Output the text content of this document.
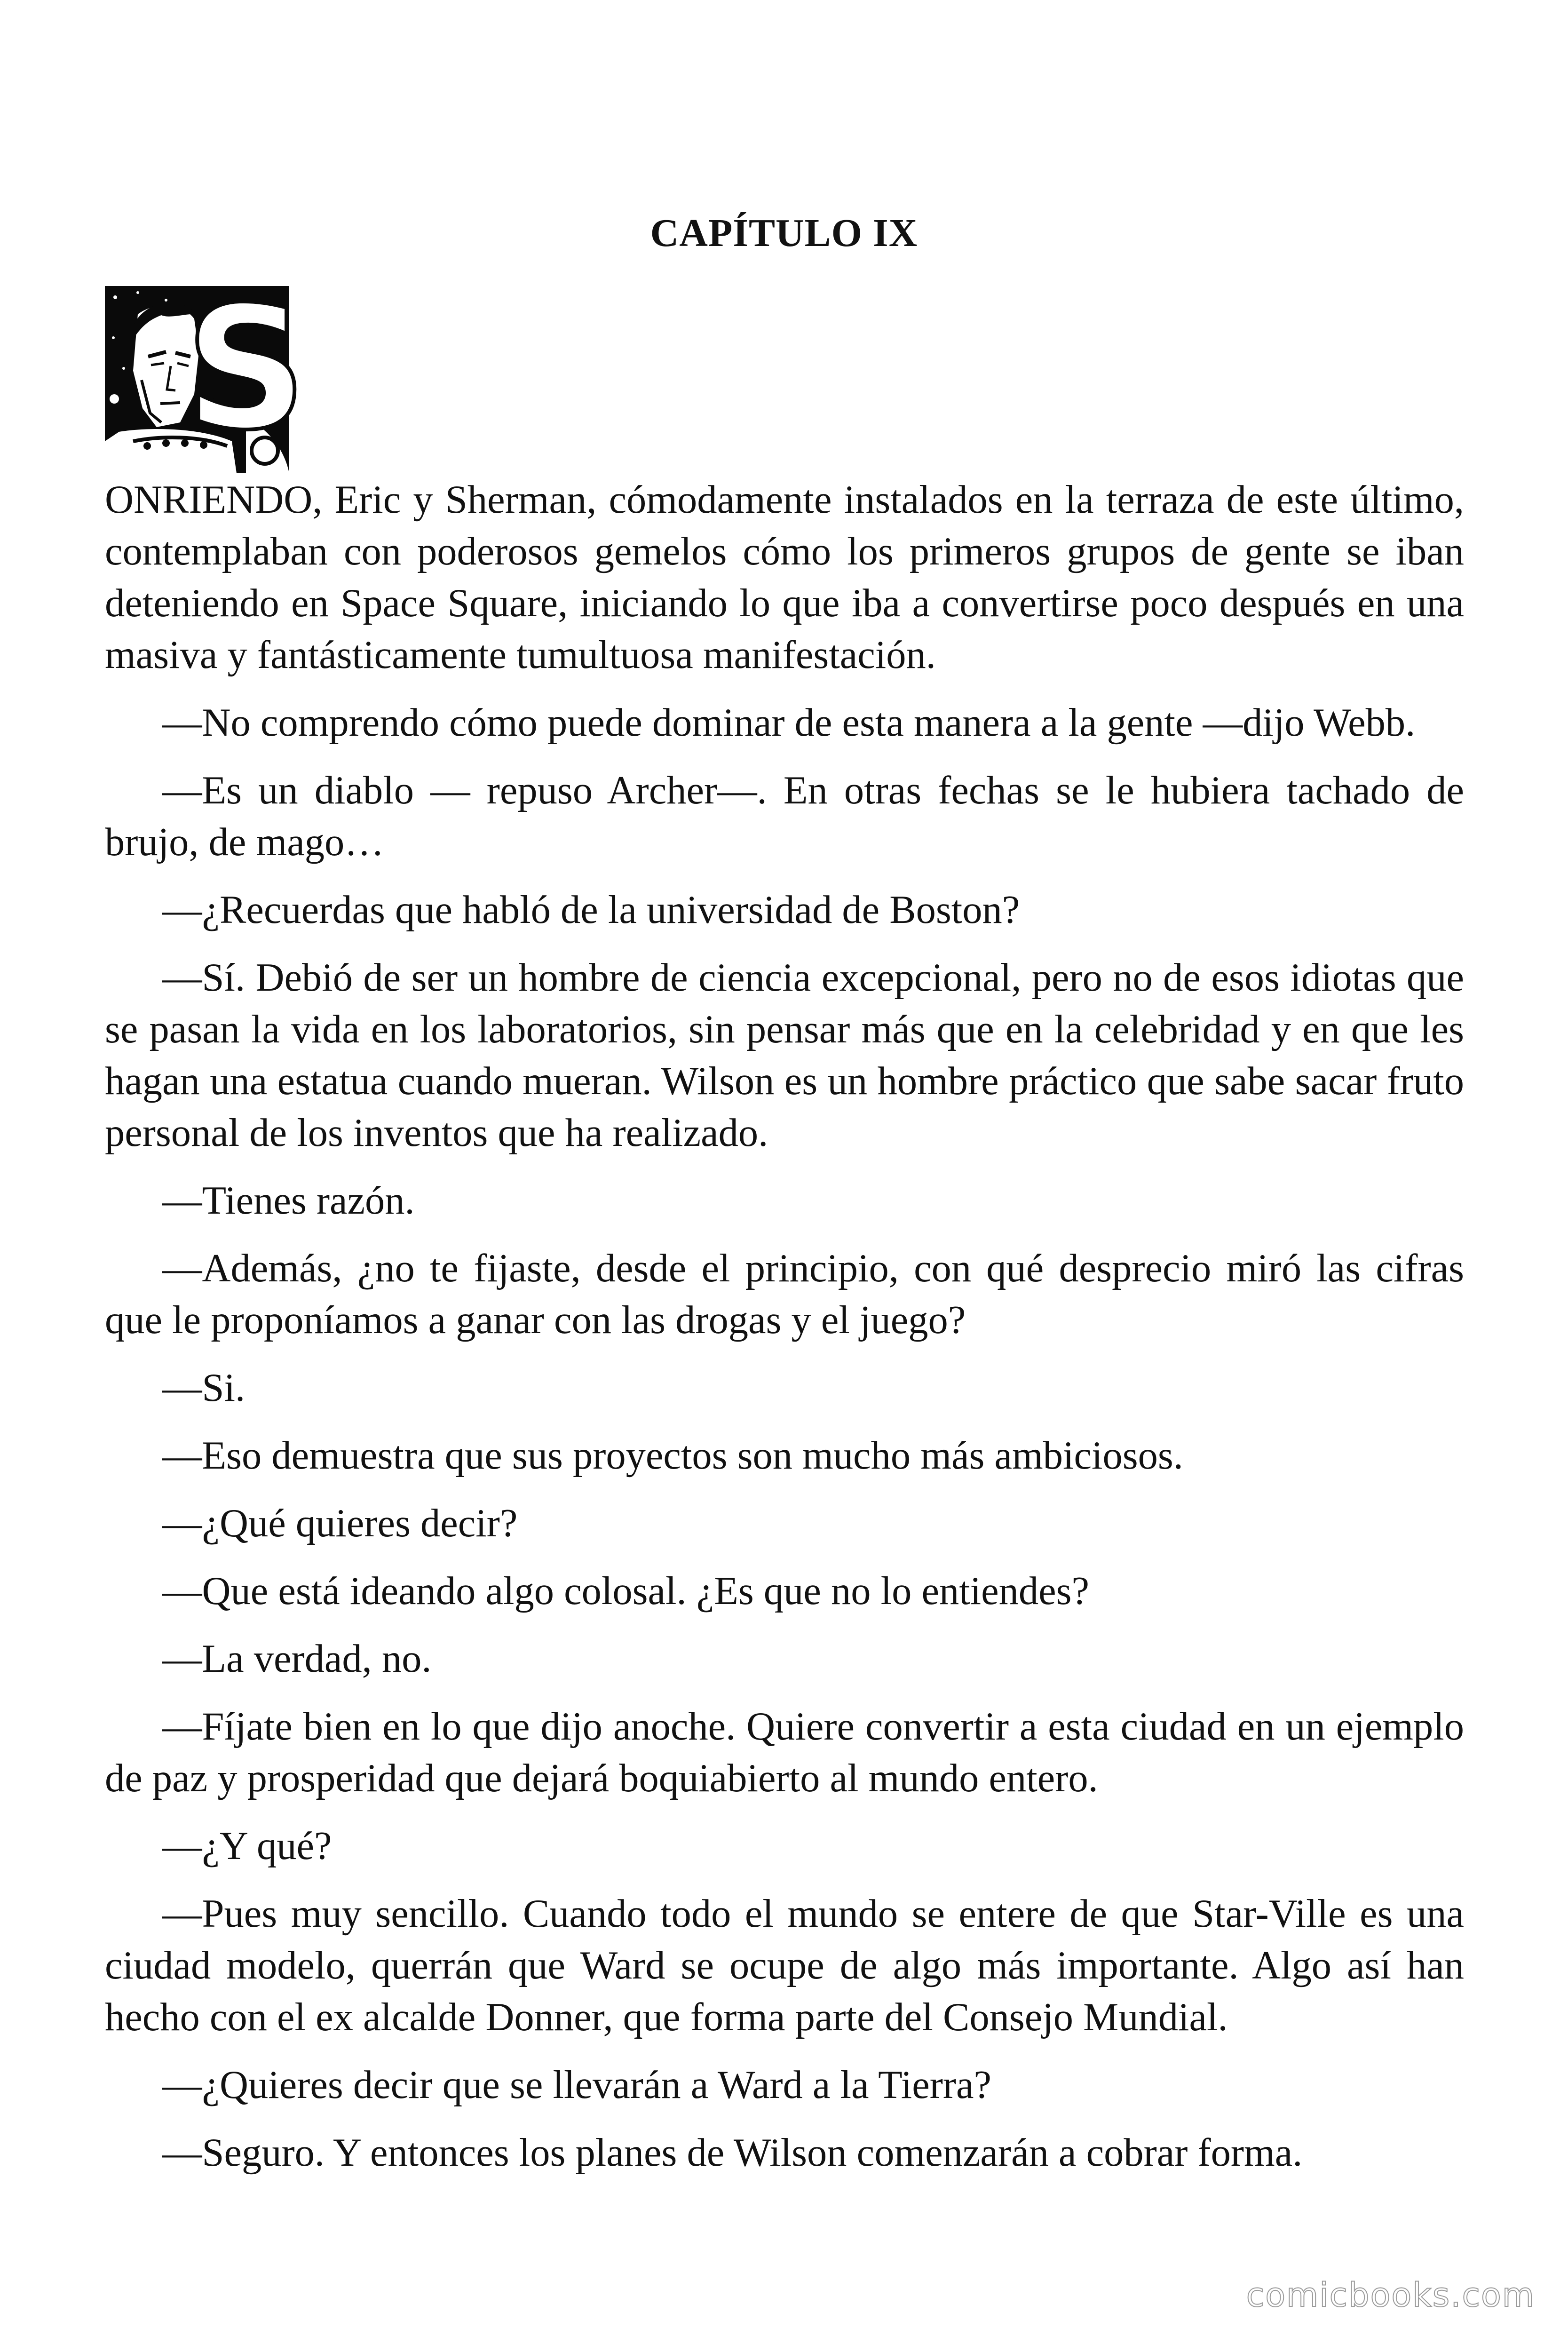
CAPÍTULO IX
S

ONRIENDO, Eric y Sherman, cómodamente instalados en la terraza de este último, contemplaban con poderosos gemelos cómo los primeros grupos de gente se iban deteniendo en Space Square, iniciando lo que iba a convertirse poco después en una masiva y fantásticamente tumultuosa manifestación.

—No comprendo cómo puede dominar de esta manera a la gente —dijo Webb.

—Es un diablo — repuso Archer—. En otras fechas se le hubiera tachado de brujo, de mago…

—¿Recuerdas que habló de la universidad de Boston?

—Sí. Debió de ser un hombre de ciencia excepcional, pero no de esos idiotas que se pasan la vida en los laboratorios, sin pensar más que en la celebridad y en que les hagan una estatua cuando mueran. Wilson es un hombre práctico que sabe sacar fruto personal de los inventos que ha realizado.

—Tienes razón.

—Además, ¿no te fijaste, desde el principio, con qué desprecio miró las cifras que le proponíamos a ganar con las drogas y el juego?

—Si.

—Eso demuestra que sus proyectos son mucho más ambiciosos.

—¿Qué quieres decir?

—Que está ideando algo colosal. ¿Es que no lo entiendes?

—La verdad, no.

—Fíjate bien en lo que dijo anoche. Quiere convertir a esta ciudad en un ejemplo de paz y prosperidad que dejará boquiabierto al mundo entero.

—¿Y qué?

—Pues muy sencillo. Cuando todo el mundo se entere de que Star-Ville es una ciudad modelo, querrán que Ward se ocupe de algo más importante. Algo así han hecho con el ex alcalde Donner, que forma parte del Consejo Mundial.

—¿Quieres decir que se llevarán a Ward a la Tierra?

—Seguro. Y entonces los planes de Wilson comenzarán a cobrar forma.

comicbooks.com
